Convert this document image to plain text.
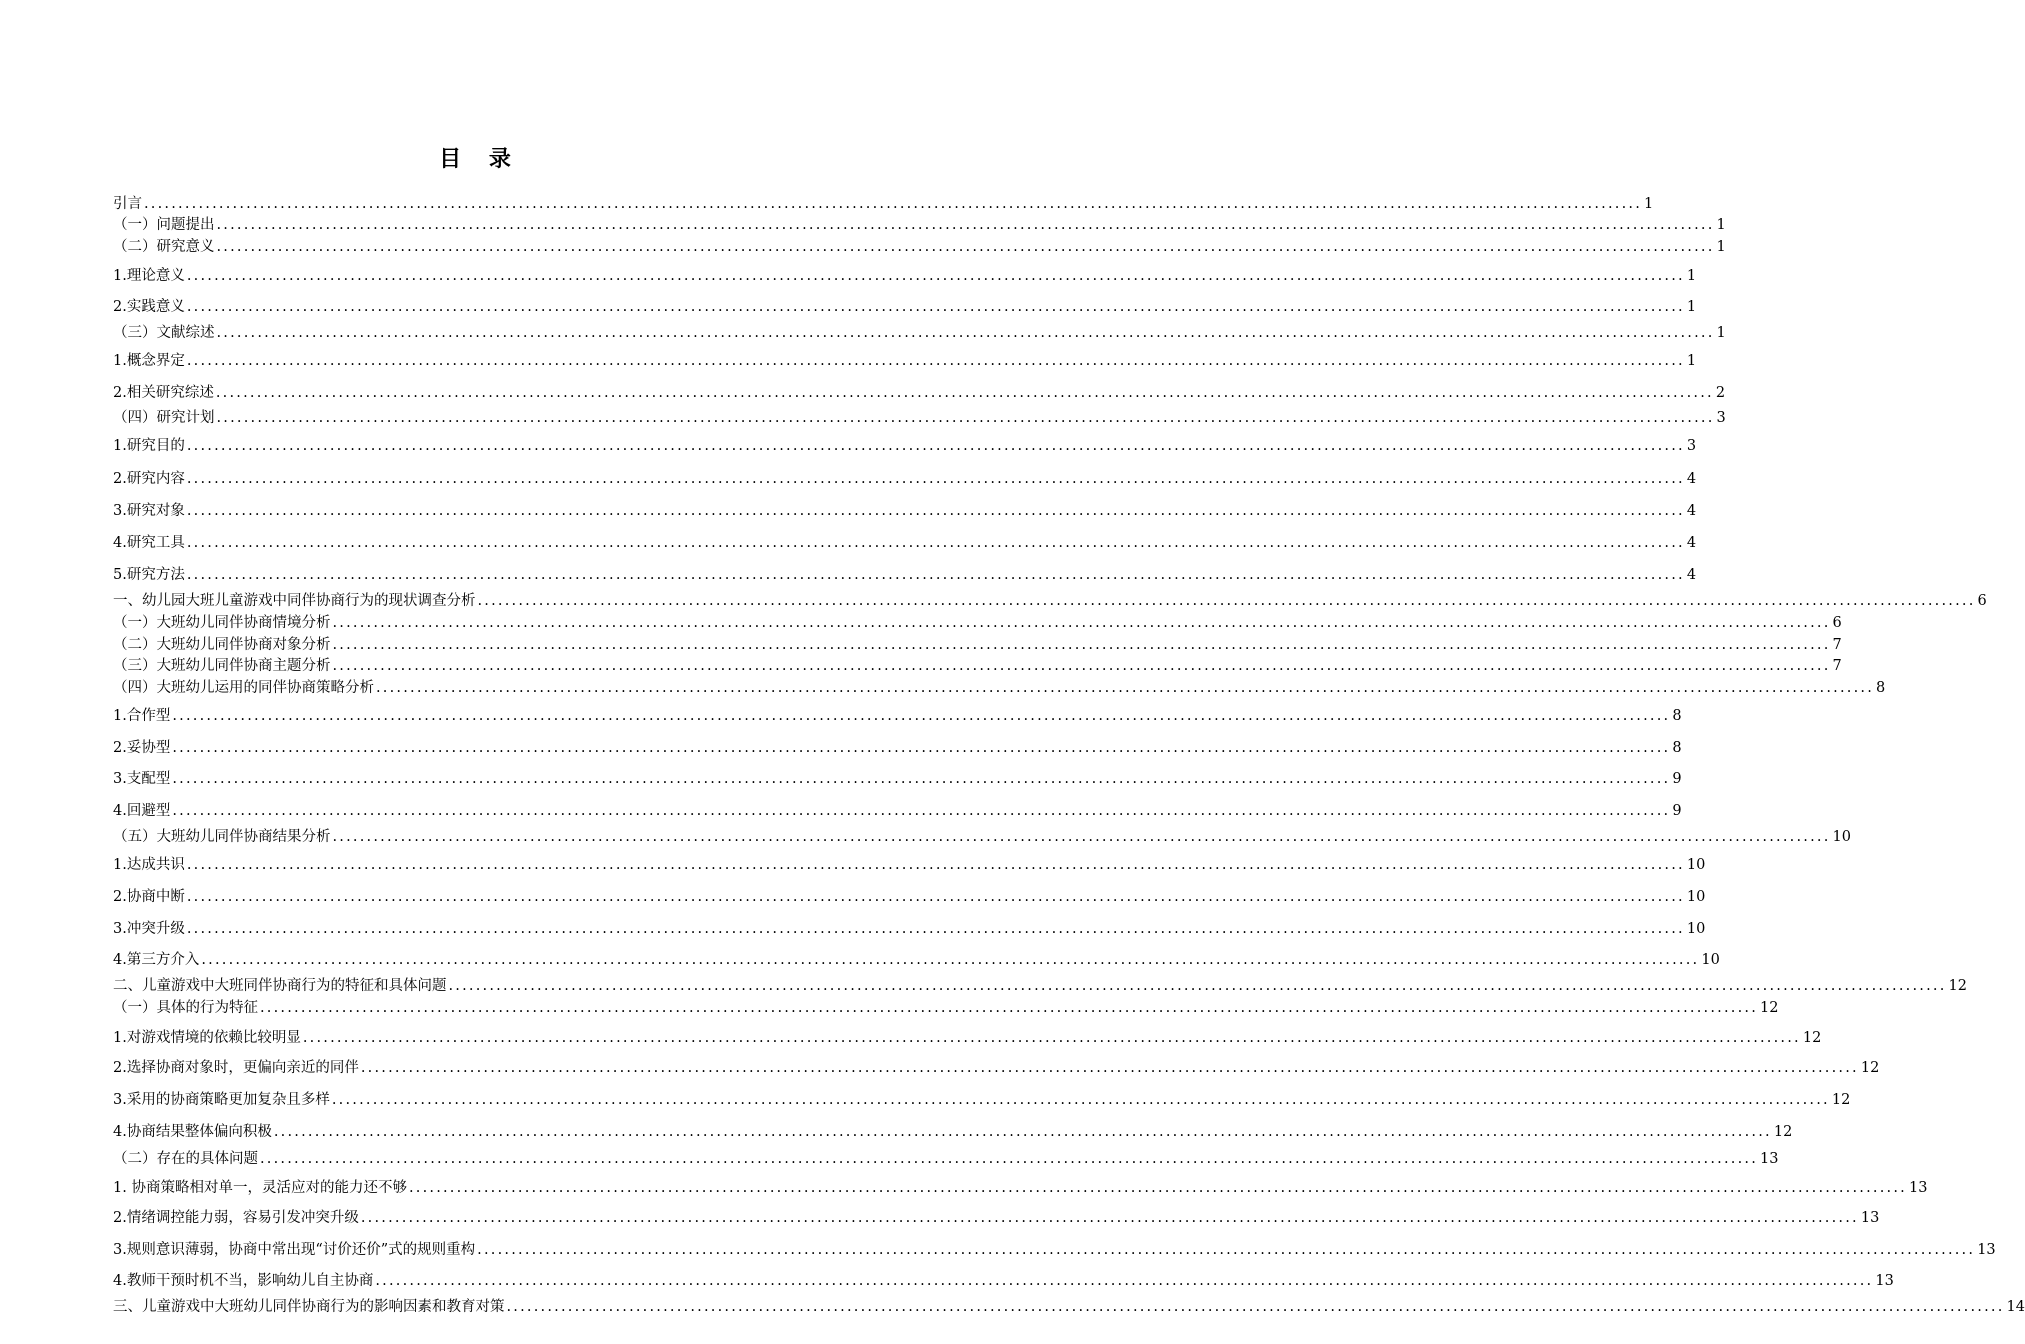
目 录
引言 ............................................................................................................................................................................................................................ 1
（一）问题提出 ............................................................................................................................................................................................................................ 1
（二）研究意义 ............................................................................................................................................................................................................................ 1
1.理论意义 ............................................................................................................................................................................................................................ 1
2.实践意义 ............................................................................................................................................................................................................................ 1
（三）文献综述 ............................................................................................................................................................................................................................ 1
1.概念界定 ............................................................................................................................................................................................................................ 1
2.相关研究综述 ............................................................................................................................................................................................................................ 2
（四）研究计划 ............................................................................................................................................................................................................................ 3
1.研究目的 ............................................................................................................................................................................................................................ 3
2.研究内容 ............................................................................................................................................................................................................................ 4
3.研究对象 ............................................................................................................................................................................................................................ 4
4.研究工具 ............................................................................................................................................................................................................................ 4
5.研究方法 ............................................................................................................................................................................................................................ 4
一、幼儿园大班儿童游戏中同伴协商行为的现状调查分析 ............................................................................................................................................................................................................................ 6
（一）大班幼儿同伴协商情境分析 ............................................................................................................................................................................................................................ 6
（二）大班幼儿同伴协商对象分析 ............................................................................................................................................................................................................................ 7
（三）大班幼儿同伴协商主题分析 ............................................................................................................................................................................................................................ 7
（四）大班幼儿运用的同伴协商策略分析 ............................................................................................................................................................................................................................ 8
1.合作型 ............................................................................................................................................................................................................................ 8
2.妥协型 ............................................................................................................................................................................................................................ 8
3.支配型 ............................................................................................................................................................................................................................ 9
4.回避型 ............................................................................................................................................................................................................................ 9
（五）大班幼儿同伴协商结果分析 ............................................................................................................................................................................................................................ 10
1.达成共识 ............................................................................................................................................................................................................................ 10
2.协商中断 ............................................................................................................................................................................................................................ 10
3.冲突升级 ............................................................................................................................................................................................................................ 10
4.第三方介入 ............................................................................................................................................................................................................................ 10
二、儿童游戏中大班同伴协商行为的特征和具体问题 ............................................................................................................................................................................................................................ 12
（一）具体的行为特征 ............................................................................................................................................................................................................................ 12
1.对游戏情境的依赖比较明显 ............................................................................................................................................................................................................................ 12
2.选择协商对象时，更偏向亲近的同伴 ............................................................................................................................................................................................................................ 12
3.采用的协商策略更加复杂且多样 ............................................................................................................................................................................................................................ 12
4.协商结果整体偏向积极 ............................................................................................................................................................................................................................ 12
（二）存在的具体问题 ............................................................................................................................................................................................................................ 13
1. 协商策略相对单一，灵活应对的能力还不够 ............................................................................................................................................................................................................................ 13
2.情绪调控能力弱，容易引发冲突升级 ............................................................................................................................................................................................................................ 13
3.规则意识薄弱，协商中常出现“讨价还价”式的规则重构 ............................................................................................................................................................................................................................ 13
4.教师干预时机不当，影响幼儿自主协商 ............................................................................................................................................................................................................................ 13
三、儿童游戏中大班幼儿同伴协商行为的影响因素和教育对策 ............................................................................................................................................................................................................................ 14
